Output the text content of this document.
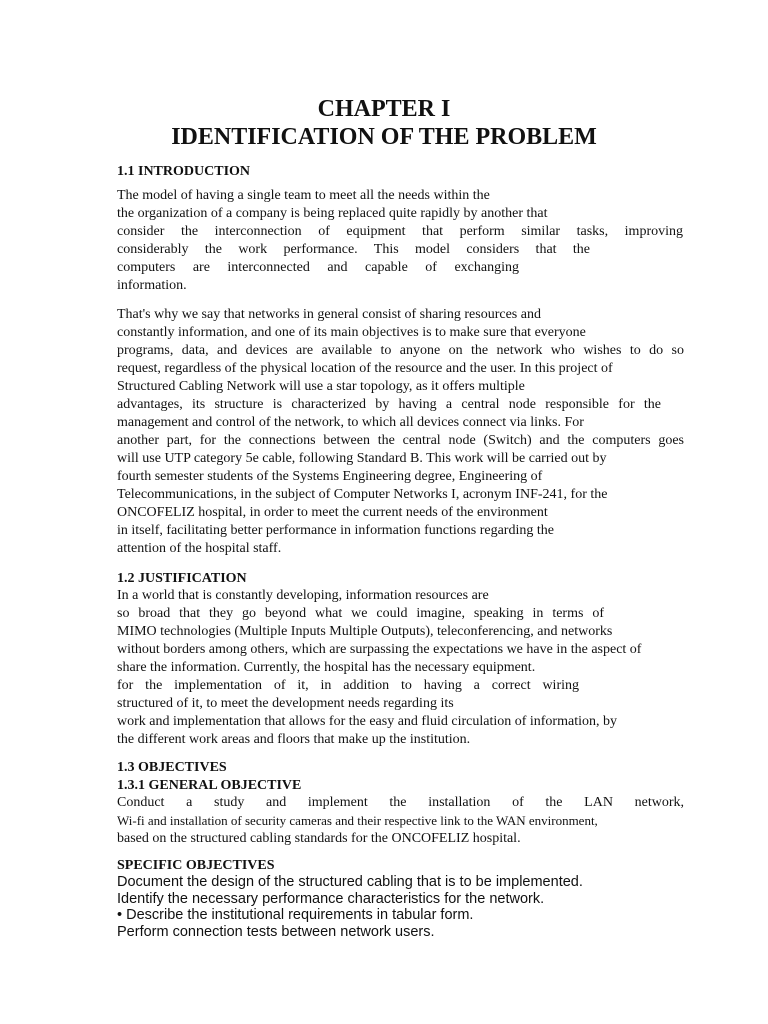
CHAPTER I
IDENTIFICATION OF THE PROBLEM
1.1 INTRODUCTION
The model of having a single team to meet all the needs within the
the organization of a company is being replaced quite rapidly by another that
consider the interconnection of equipment that perform similar tasks, improving
considerably the work performance. This model considers that the
computers are interconnected and capable of exchanging
information.
That's why we say that networks in general consist of sharing resources and
constantly information, and one of its main objectives is to make sure that everyone
programs, data, and devices are available to anyone on the network who wishes to do so
request, regardless of the physical location of the resource and the user. In this project of
Structured Cabling Network will use a star topology, as it offers multiple
advantages, its structure is characterized by having a central node responsible for the
management and control of the network, to which all devices connect via links. For
another part, for the connections between the central node (Switch) and the computers goes
will use UTP category 5e cable, following Standard B. This work will be carried out by
fourth semester students of the Systems Engineering degree, Engineering of
Telecommunications, in the subject of Computer Networks I, acronym INF-241, for the
ONCOFELIZ hospital, in order to meet the current needs of the environment
in itself, facilitating better performance in information functions regarding the
attention of the hospital staff.
1.2 JUSTIFICATION
In a world that is constantly developing, information resources are
so broad that they go beyond what we could imagine, speaking in terms of
MIMO technologies (Multiple Inputs Multiple Outputs), teleconferencing, and networks
without borders among others, which are surpassing the expectations we have in the aspect of
share the information. Currently, the hospital has the necessary equipment.
for the implementation of it, in addition to having a correct wiring
structured of it, to meet the development needs regarding its
work and implementation that allows for the easy and fluid circulation of information, by
the different work areas and floors that make up the institution.
1.3 OBJECTIVES
1.3.1 GENERAL OBJECTIVE
Conduct a study and implement the installation of the LAN network,
Wi-fi and installation of security cameras and their respective link to the WAN environment,
based on the structured cabling standards for the ONCOFELIZ hospital.
SPECIFIC OBJECTIVES
Document the design of the structured cabling that is to be implemented.
Identify the necessary performance characteristics for the network.
• Describe the institutional requirements in tabular form.
Perform connection tests between network users.
